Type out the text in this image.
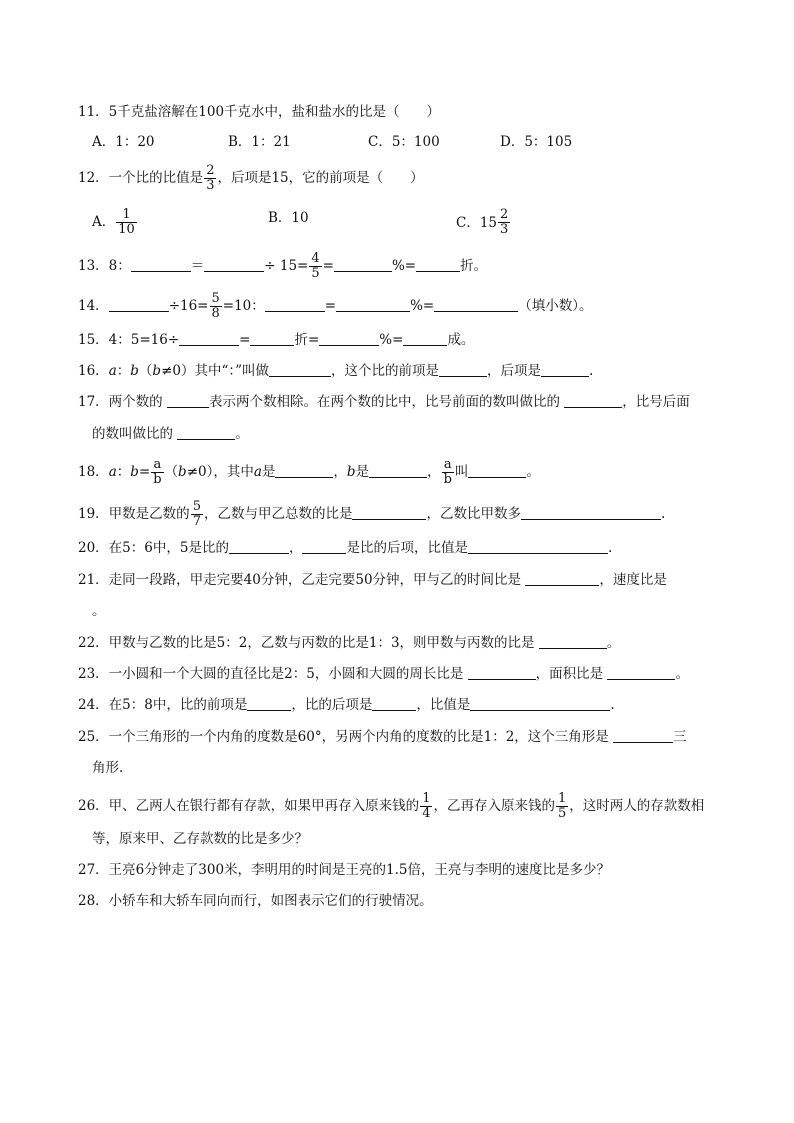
11．5千克盐溶解在100千克水中，盐和盐水的比是（　　）
A．1：20	B．1：21	C．5：100	D．5：105
12．一个比的比值是 $\frac{2}{3}$ ，后项是15，它的前项是（　　）
A． $\frac{1}{10}$	B．10	C．$15 \frac{2}{3}$
13．8：	＝	÷ $15= \frac{4}{5}$ =	%=	折。
14．	$\div 16= \frac{5}{8} =10$：	=	%=	（填小数）。
15．4：5=16÷	=	折=	%=	成。
16．a：b（b≠0）其中“：”叫做	，这个比的前项是	，后项是	.
17．两个数的	表示两个数相除。在两个数的比中，比号前面的数叫做比的	，比号后面
的数叫做比的	。
18．a：$b= \frac{a}{b} (b\ne 0)$，其中a是	，b是	， $\frac{a}{b}$ 叫	。
19．甲数是乙数的 $\frac{5}{7}$ ，乙数与甲乙总数的比是	，乙数比甲数多	.
20．在5：6中，5是比的	，	是比的后项，比值是	.
21．走同一段路，甲走完要40分钟，乙走完要50分钟，甲与乙的时间比是	，速度比是
。
22．甲数与乙数的比是5：2，乙数与丙数的比是1：3，则甲数与丙数的比是	。
23．一小圆和一个大圆的直径比是2：5，小圆和大圆的周长比是	，面积比是	。
24．在5：8中，比的前项是	，比的后项是	，比值是	.
25．一个三角形的一个内角的度数是60°，另两个内角的度数的比是1：2，这个三角形是	三
角形.
26．甲、乙两人在银行都有存款，如果甲再存入原来钱的 $\frac{1}{4}$ ，乙再存入原来钱的 $\frac{1}{5}$ ，这时两人的存款数相
等，原来甲、乙存款数的比是多少？
27．王亮6分钟走了300米，李明用的时间是王亮的1.5倍，王亮与李明的速度比是多少？
28．小轿车和大轿车同向而行，如图表示它们的行驶情况。
